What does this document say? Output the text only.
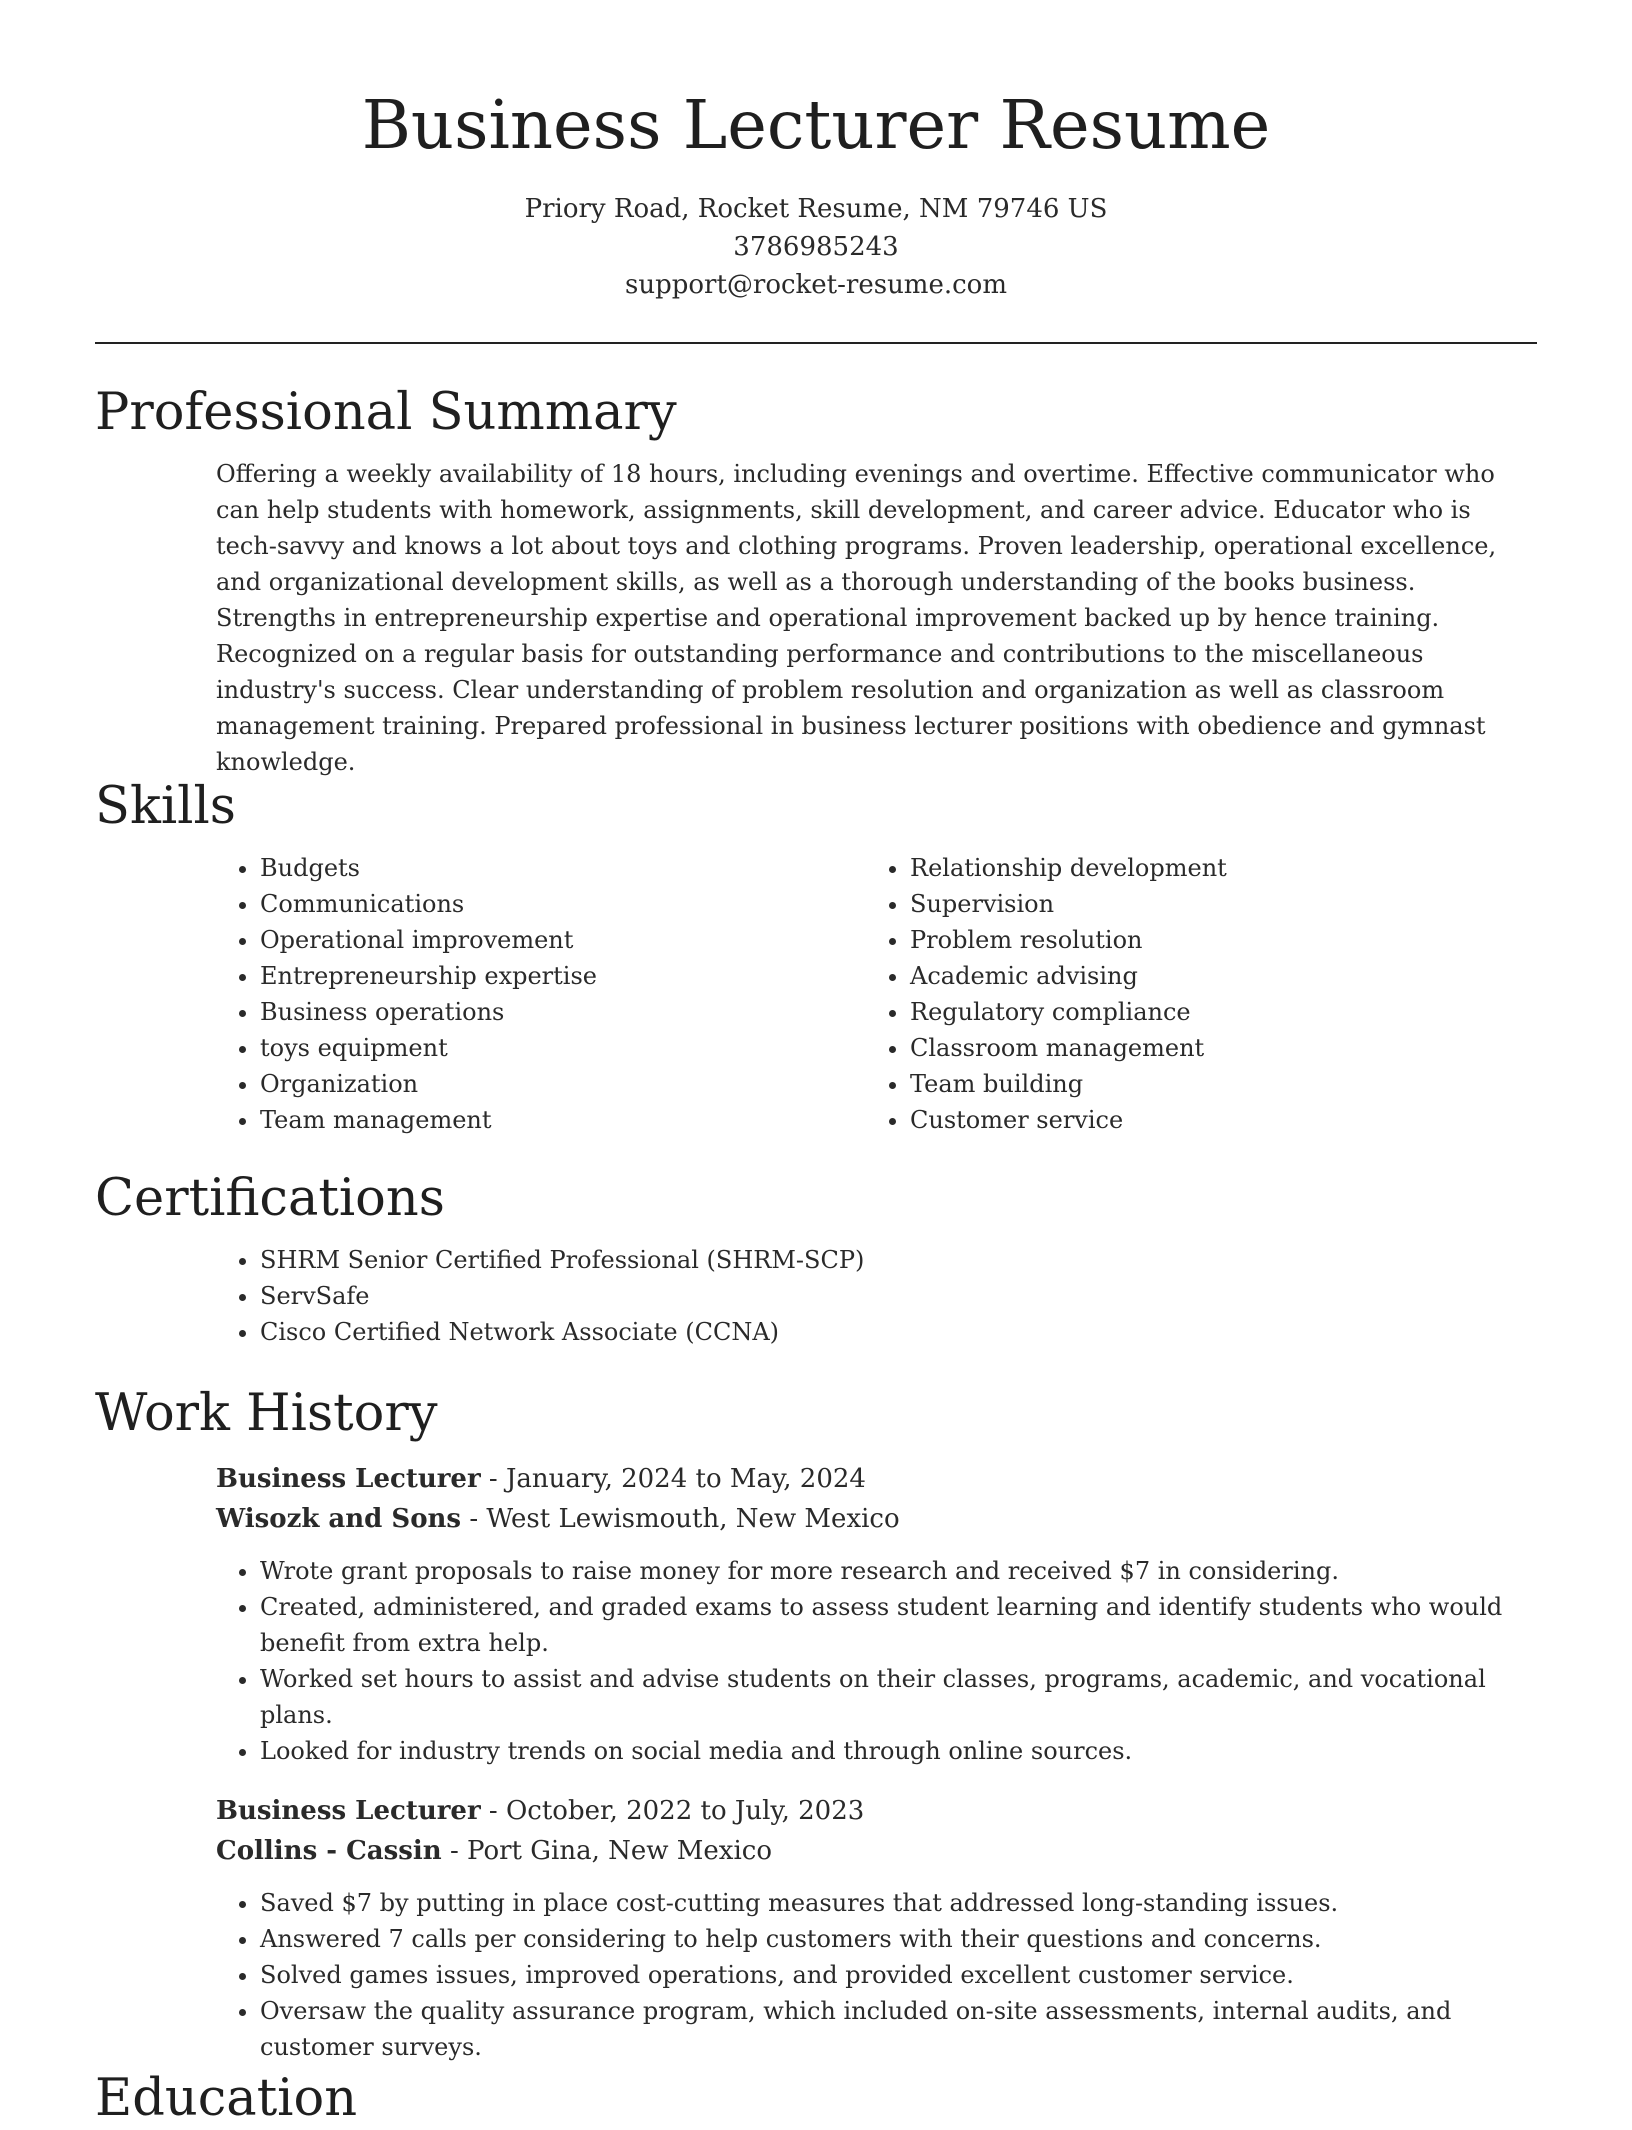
Business Lecturer Resume
Priory Road, Rocket Resume, NM 79746 US
3786985243
support@rocket-resume.com
Professional Summary
Offering a weekly availability of 18 hours, including evenings and overtime. Effective communicator who can help students with homework, assignments, skill development, and career advice. Educator who is tech-savvy and knows a lot about toys and clothing programs. Proven leadership, operational excellence, and organizational development skills, as well as a thorough understanding of the books business. Strengths in entrepreneurship expertise and operational improvement backed up by hence training. Recognized on a regular basis for outstanding performance and contributions to the miscellaneous industry's success. Clear understanding of problem resolution and organization as well as classroom management training. Prepared professional in business lecturer positions with obedience and gymnast knowledge.
Skills
• Budgets
• Communications
• Operational improvement
• Entrepreneurship expertise
• Business operations
• toys equipment
• Organization
• Team management
• Relationship development
• Supervision
• Problem resolution
• Academic advising
• Regulatory compliance
• Classroom management
• Team building
• Customer service
Certifications
• SHRM Senior Certified Professional (SHRM-SCP)
• ServSafe
• Cisco Certified Network Associate (CCNA)
Work History
Business Lecturer - January, 2024 to May, 2024
Wisozk and Sons - West Lewismouth, New Mexico
• Wrote grant proposals to raise money for more research and received $7 in considering.
• Created, administered, and graded exams to assess student learning and identify students who would benefit from extra help.
• Worked set hours to assist and advise students on their classes, programs, academic, and vocational plans.
• Looked for industry trends on social media and through online sources.
Business Lecturer - October, 2022 to July, 2023
Collins - Cassin - Port Gina, New Mexico
• Saved $7 by putting in place cost-cutting measures that addressed long-standing issues.
• Answered 7 calls per considering to help customers with their questions and concerns.
• Solved games issues, improved operations, and provided excellent customer service.
• Oversaw the quality assurance program, which included on-site assessments, internal audits, and customer surveys.
Education
